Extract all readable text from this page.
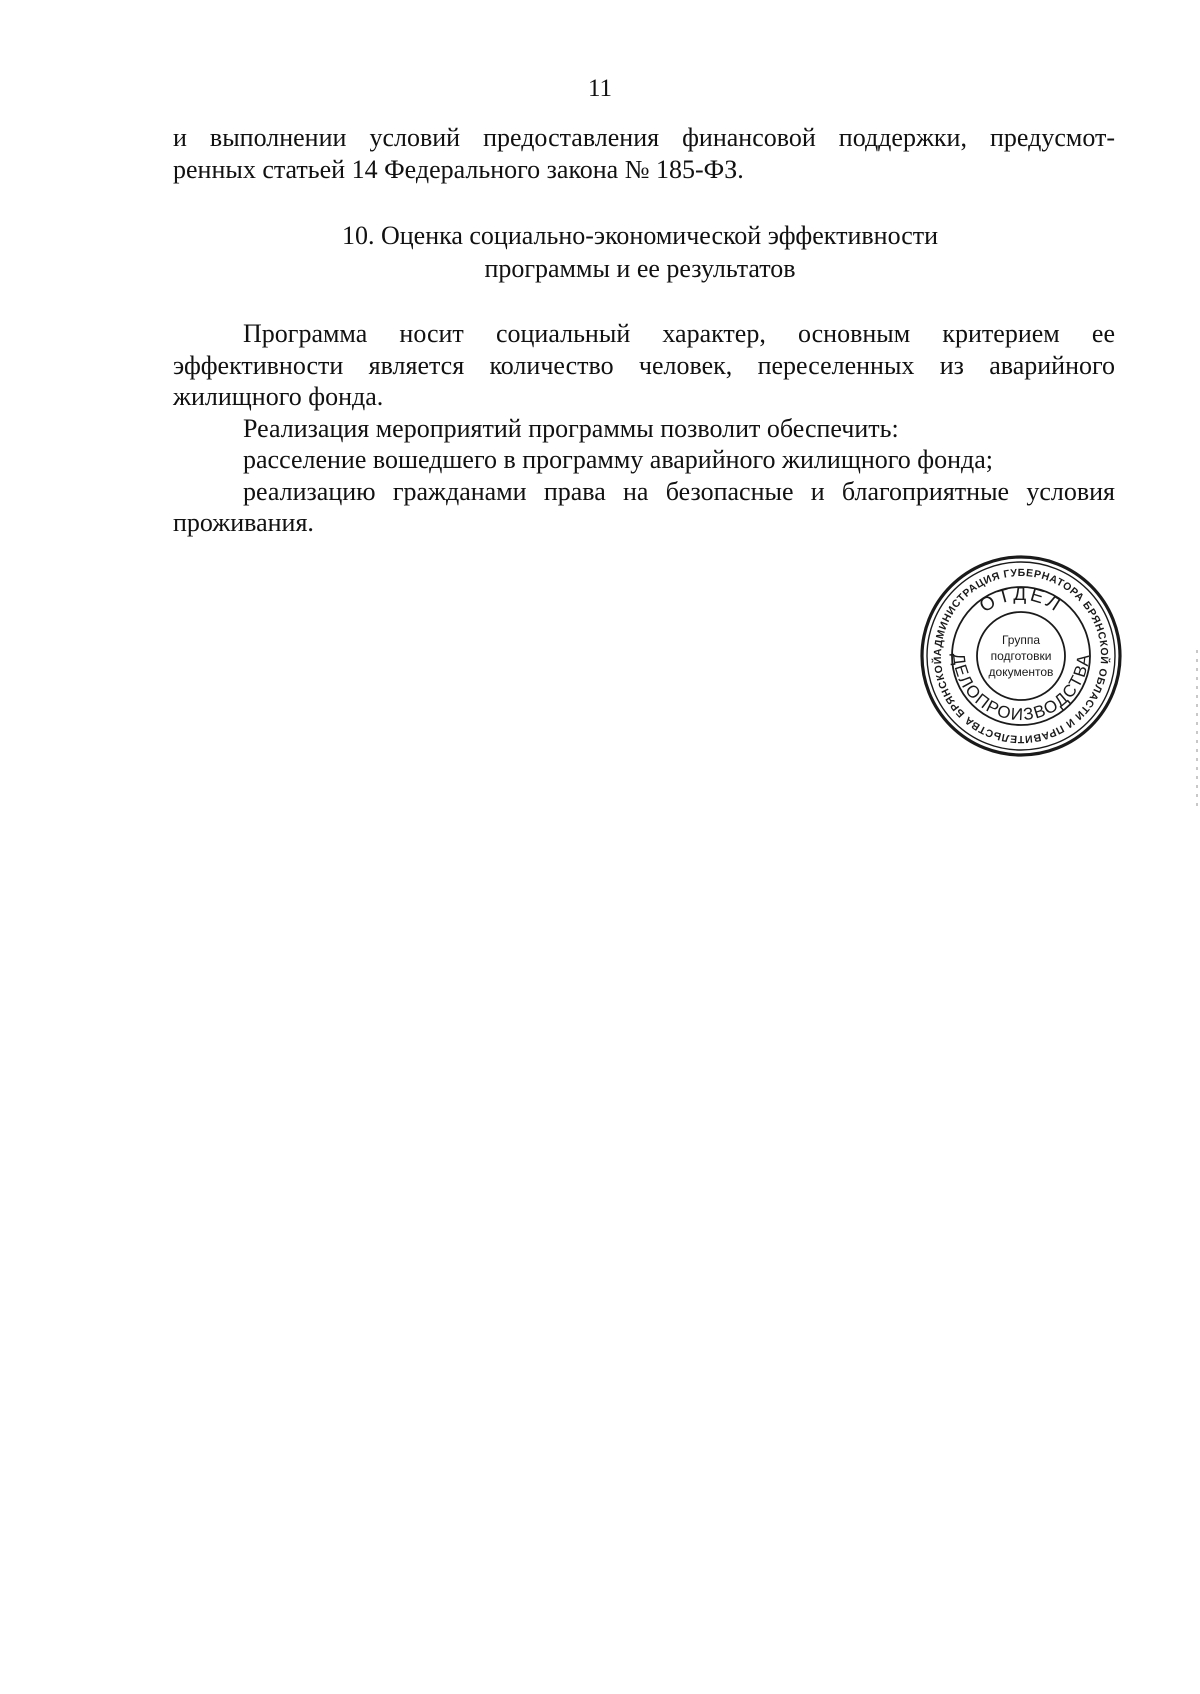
11

и выполнении условий предоставления финансовой поддержки, предусмот-

ренных статьей 14 Федерального закона № 185-ФЗ.

10. Оценка социально-экономической эффективности
программы и ее результатов

Программа носит социальный характер, основным критерием ее эффективности является количество человек, переселенных из аварийного жилищного фонда.

Реализация мероприятий программы позволит обеспечить:

расселение вошедшего в программу аварийного жилищного фонда;

реализацию гражданами права на безопасные и благоприятные условия проживания.

АДМИНИСТРАЦИЯ ГУБЕРНАТОРА БРЯНСКОЙ ОБЛАСТИ И ПРАВИТЕЛЬСТВА БРЯНСКОЙ
ОТДЕЛ
ДЕЛОПРОИЗВОДСТВА
Группа
подготовки
документов
